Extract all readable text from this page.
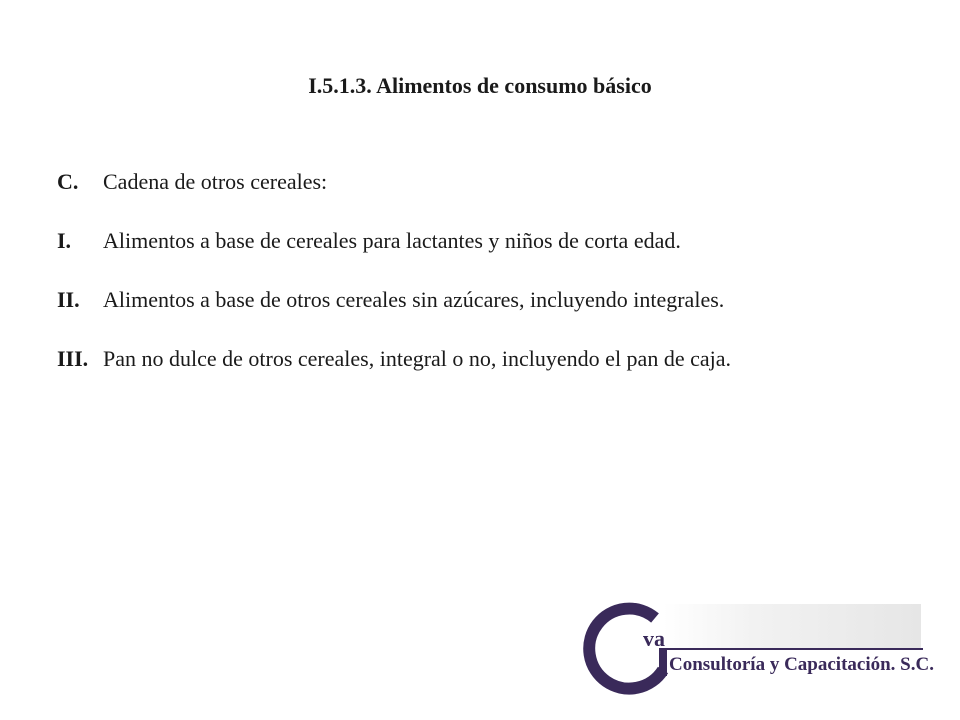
I.5.1.3. Alimentos de consumo básico
C.	Cadena de otros cereales:
I.	Alimentos a base de cereales para lactantes y niños de corta edad.
II.	Alimentos a base de otros cereales sin azúcares, incluyendo integrales.
III. Pan no dulce de otros cereales, integral o no, incluyendo el pan de caja.
va
Consultoría y Capacitación. S.C.
